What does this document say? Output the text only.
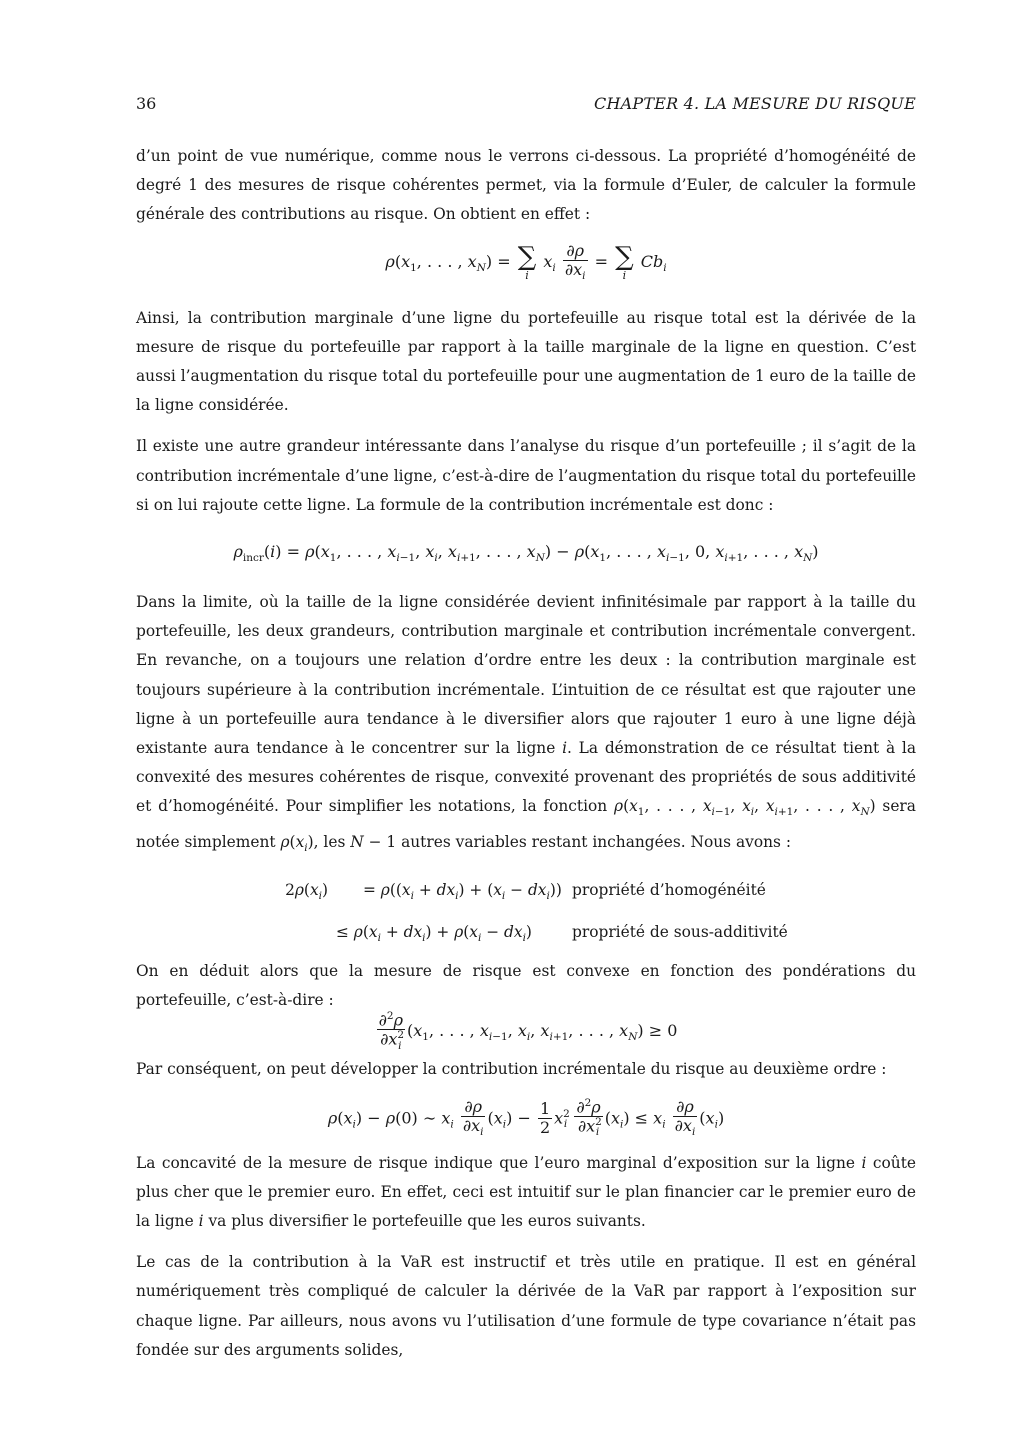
36	CHAPTER 4. LA MESURE DU RISQUE

d’un point de vue numérique, comme nous le verrons ci-dessous. La propriété d’homogénéité de degré 1 des mesures de risque cohérentes permet, via la formule d’Euler, de calculer la formule générale des contributions au risque. On obtient en effet :

$\rho(x_1$, . . . , $x_N$) = ∑
i
$x_i \frac{\partial\rho}{\partial x_i}$ = ∑
i
$Cb_i$

Ainsi, la contribution marginale d’une ligne du portefeuille au risque total est la dérivée de la mesure de risque du portefeuille par rapport à la taille marginale de la ligne en question. C’est aussi l’augmentation du risque total du portefeuille pour une augmentation de 1 euro de la taille de la ligne considérée.

Il existe une autre grandeur intéressante dans l’analyse du risque d’un portefeuille ; il s’agit de la contribution incrémentale d’une ligne, c’est-à-dire de l’augmentation du risque total du portefeuille si on lui rajoute cette ligne. La formule de la contribution incrémentale est donc :

$\rho_{incr}(i) = \rho(x_1$, . . . , $x_{i-1}$, $x_i$, $x_{i+1}$, . . . , $x_N) - \rho(x_1$, . . . , $x_{i-1}$, 0, $x_{i+1}$, . . . , $x_N$)

Dans la limite, où la taille de la ligne considérée devient infinitésimale par rapport à la taille du portefeuille, les deux grandeurs, contribution marginale et contribution incrémentale convergent. En revanche, on a toujours une relation d’ordre entre les deux : la contribution marginale est toujours supérieure à la contribution incrémentale. L’intuition de ce résultat est que rajouter une ligne à un portefeuille aura tendance à le diversifier alors que rajouter 1 euro à une ligne déjà existante aura tendance à le concentrer sur la ligne i. La démonstration de ce résultat tient à la convexité des mesures cohérentes de risque, convexité provenant des propriétés de sous additivité et d’homogénéité. Pour simplifier les notations, la fonction $\rho(x_1$, . . . , $x_{i-1}$, $x_i$, $x_{i+1}$, . . . , $x_N$) sera notée simplement $\rho(x_i)$, les N − 1 autres variables restant inchangées. Nous avons :

$2\rho(x_i) = \rho((x_i + dx_i) + (x_i - dx_i))$ propriété d’homogénéité
≤ $\rho(x_i + dx_i) + \rho(x_i - dx_i)$	propriété de sous-additivité

On en déduit alors que la mesure de risque est convexe en fonction des pondérations du portefeuille, c’est-à-dire :

$\frac{\partial^2\rho}{\partial x^2_i} (x_1$, . . . , $x_{i-1}$, $x_i$, $x_{i+1}$, . . . , $x_N) \ge 0$

Par conséquent, on peut développer la contribution incrémentale du risque au deuxième ordre :

$\rho(x_i) - \rho(0)$ ∼ $x_i \frac{\partial\rho}{\partial x_i} (x_i) - \frac{1}{2} x^2_i \frac{\partial^2\rho}{\partial x^2_i} (x_i) \le x_i \frac{\partial\rho}{\partial x_i} (x_i)$

La concavité de la mesure de risque indique que l’euro marginal d’exposition sur la ligne i coûte plus cher que le premier euro. En effet, ceci est intuitif sur le plan financier car le premier euro de la ligne i va plus diversifier le portefeuille que les euros suivants.

Le cas de la contribution à la VaR est instructif et très utile en pratique. Il est en général numériquement très compliqué de calculer la dérivée de la VaR par rapport à l’exposition sur chaque ligne. Par ailleurs, nous avons vu l’utilisation d’une formule de type covariance n’était pas fondée sur des arguments solides,
